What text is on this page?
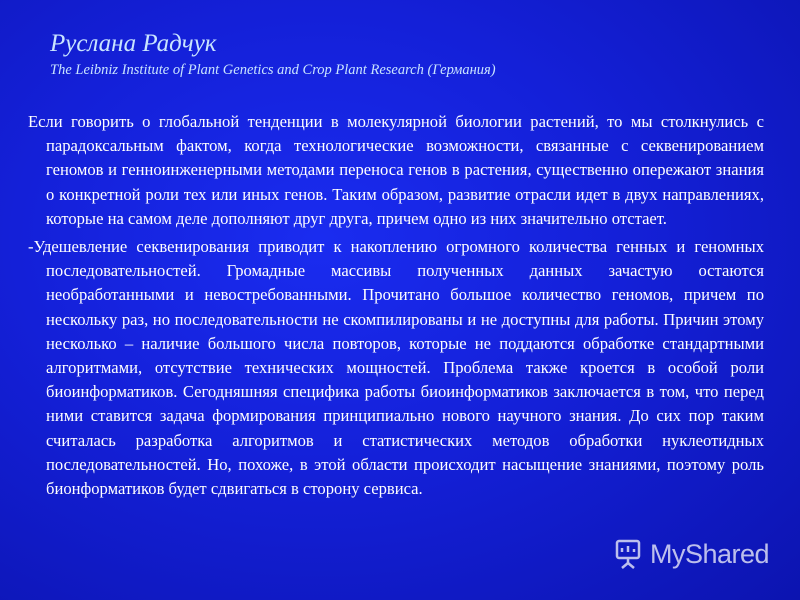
Руслана Радчук
The Leibniz Institute of Plant Genetics and Crop Plant Research (Германия)

Если говорить о глобальной тенденции в молекулярной биологии растений, то мы столкнулись с парадоксальным фактом, когда технологические возможности, связанные с секвенированием геномов и генноинженерными методами переноса генов в растения, существенно опережают знания о конкретной роли тех или иных генов. Таким образом, развитие отрасли идет в двух направлениях, которые на самом деле дополняют друг друга, причем одно из них значительно отстает.

-Удешевление секвенирования приводит к накоплению огромного количества генных и геномных последовательностей. Громадные массивы полученных данных зачастую остаются необработанными и невостребованными. Прочитано большое количество геномов, причем по нескольку раз, но последовательности не скомпилированы и не доступны для работы. Причин этому несколько – наличие большого числа повторов, которые не поддаются обработке стандартными алгоритмами, отсутствие технических мощностей. Проблема также кроется в особой роли биоинформатиков. Сегодняшняя специфика работы биоинформатиков заключается в том, что перед ними ставится задача формирования принципиально нового научного знания. До сих пор таким считалась разработка алгоритмов и статистических методов обработки нуклеотидных последовательностей. Но, похоже, в этой области происходит насыщение знаниями, поэтому роль бионформатиков будет сдвигаться в сторону сервиса.

MyShared
